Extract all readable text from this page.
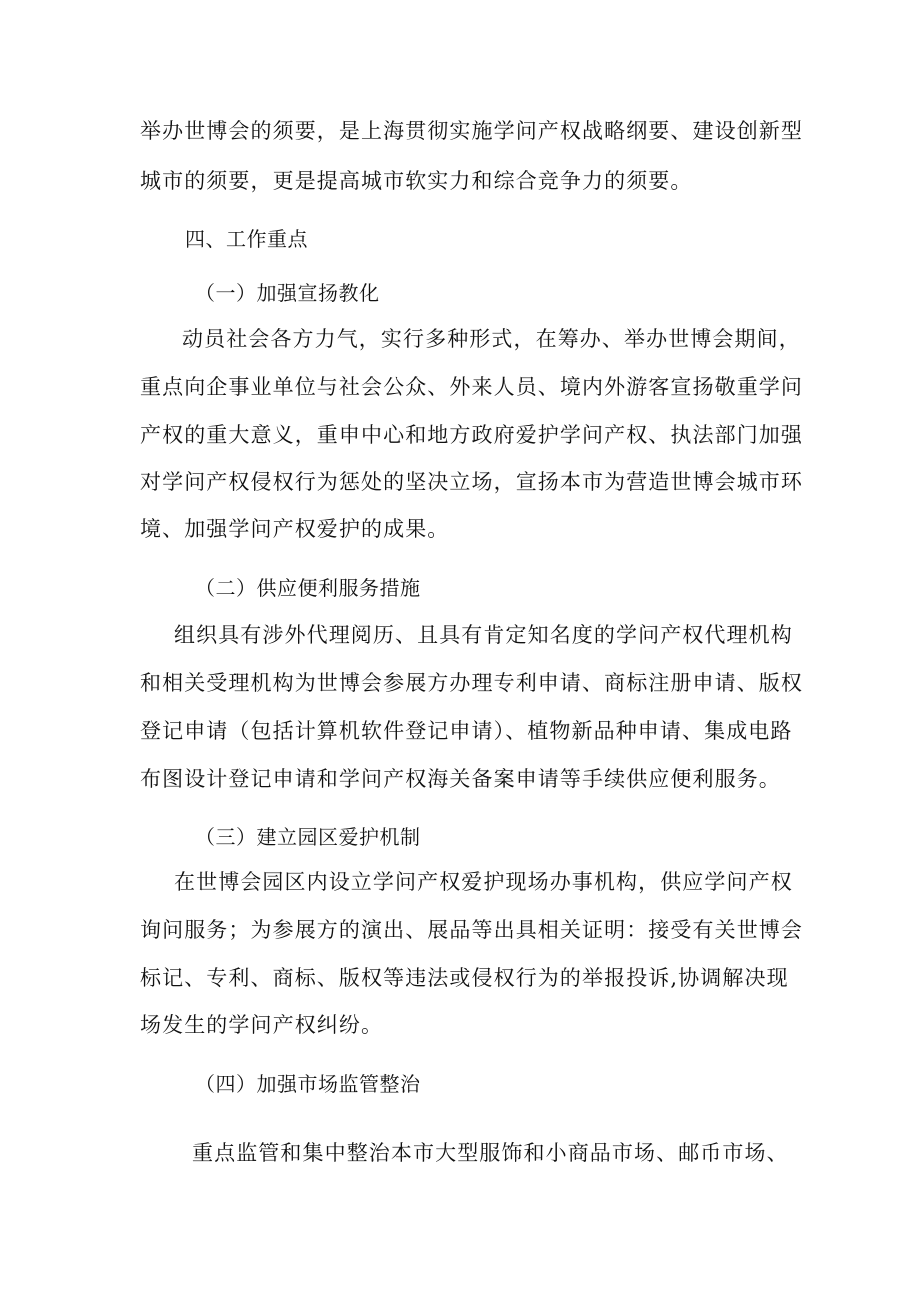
举办世博会的须要，是上海贯彻实施学问产权战略纲要、建设创新型
城市的须要，更是提高城市软实力和综合竞争力的须要。
四、工作重点
（一）加强宣扬教化
动员社会各方力气，实行多种形式，在筹办、举办世博会期间，
重点向企事业单位与社会公众、外来人员、境内外游客宣扬敬重学问
产权的重大意义，重申中心和地方政府爱护学问产权、执法部门加强
对学问产权侵权行为惩处的坚决立场，宣扬本市为营造世博会城市环
境、加强学问产权爱护的成果。
（二）供应便利服务措施
组织具有涉外代理阅历、且具有肯定知名度的学问产权代理机构
和相关受理机构为世博会参展方办理专利申请、商标注册申请、版权
登记申请（包括计算机软件登记申请）、植物新品种申请、集成电路
布图设计登记申请和学问产权海关备案申请等手续供应便利服务。
（三）建立园区爱护机制
在世博会园区内设立学问产权爱护现场办事机构，供应学问产权
询问服务；为参展方的演出、展品等出具相关证明：接受有关世博会
标记、专利、商标、版权等违法或侵权行为的举报投诉,协调解决现
场发生的学问产权纠纷。
（四）加强市场监管整治
重点监管和集中整治本市大型服饰和小商品市场、邮币市场、
